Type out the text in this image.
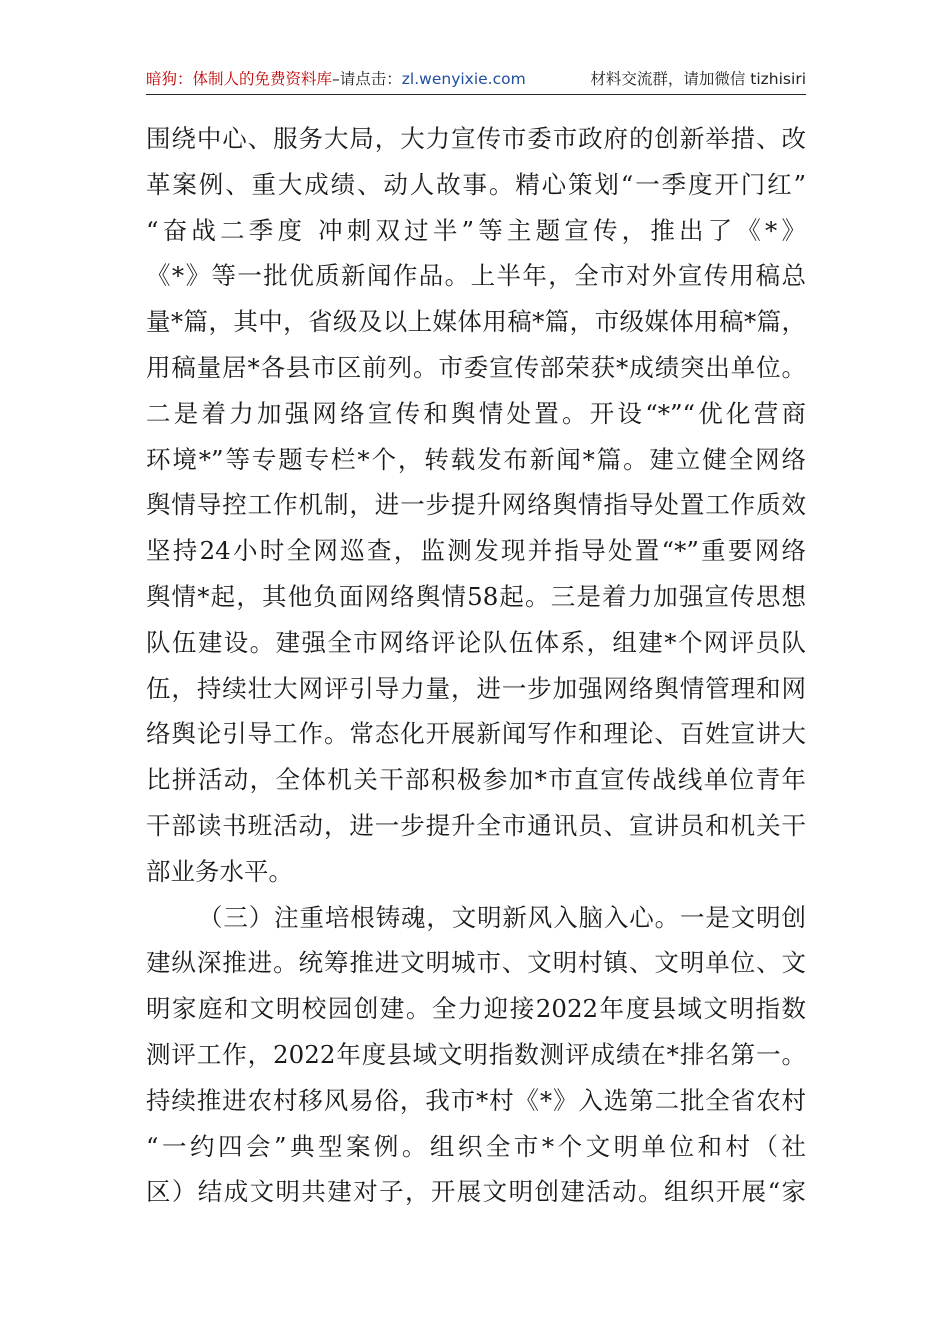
暗狗：体制人的免费资料库–请点击：zl.wenyixie.com	材料交流群，请加微信 tizhisiri
围绕中心、服务大局，大力宣传市委市政府的创新举措、改
革案例、重大成绩、动人故事。精心策划“一季度开门红”
“奋战二季度 冲刺双过半”等主题宣传，推出了《*》
《*》等一批优质新闻作品。上半年，全市对外宣传用稿总
量*篇，其中，省级及以上媒体用稿*篇，市级媒体用稿*篇，
用稿量居*各县市区前列。市委宣传部荣获*成绩突出单位。
二是着力加强网络宣传和舆情处置。开设“*”“优化营商
环境*”等专题专栏*个，转载发布新闻*篇。建立健全网络
舆情导控工作机制，进一步提升网络舆情指导处置工作质效
坚持24小时全网巡查，监测发现并指导处置“*”重要网络
舆情*起，其他负面网络舆情58起。三是着力加强宣传思想
队伍建设。建强全市网络评论队伍体系，组建*个网评员队
伍，持续壮大网评引导力量，进一步加强网络舆情管理和网
络舆论引导工作。常态化开展新闻写作和理论、百姓宣讲大
比拼活动，全体机关干部积极参加*市直宣传战线单位青年
干部读书班活动，进一步提升全市通讯员、宣讲员和机关干
部业务水平。
（三）注重培根铸魂，文明新风入脑入心。一是文明创
建纵深推进。统筹推进文明城市、文明村镇、文明单位、文
明家庭和文明校园创建。全力迎接2022年度县域文明指数
测评工作，2022年度县域文明指数测评成绩在*排名第一。
持续推进农村移风易俗，我市*村《*》入选第二批全省农村
“一约四会”典型案例。组织全市*个文明单位和村（社
区）结成文明共建对子，开展文明创建活动。组织开展“家
